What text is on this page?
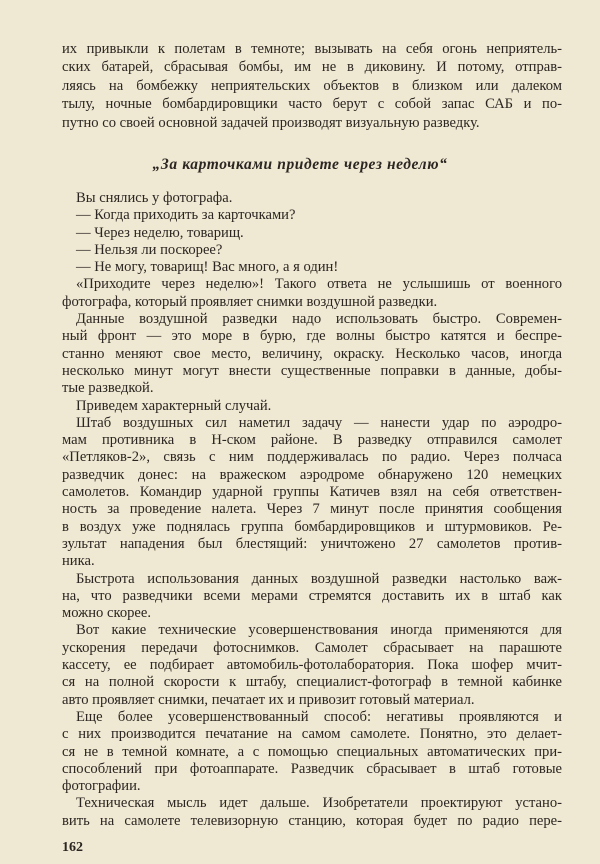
их привыкли к полетам в темноте; вызывать на себя огонь неприятель-
ских батарей, сбрасывая бомбы, им не в диковину. И потому, отправ-
ляясь на бомбежку неприятельских объектов в близком или далеком
тылу, ночные бомбардировщики часто берут с собой запас САБ и по-
путно со своей основной задачей производят визуальную разведку.
„За карточками придете через неделю“
Вы снялись у фотографа.
— Когда приходить за карточками?
— Через неделю, товарищ.
— Нельзя ли поскорее?
— Не могу, товарищ! Вас много, а я один!
«Приходите через неделю»! Такого ответа не услышишь от военного
фотографа, который проявляет снимки воздушной разведки.
Данные воздушной разведки надо использовать быстро. Современ-
ный фронт — это море в бурю, где волны быстро катятся и беспре-
станно меняют свое место, величину, окраску. Несколько часов, иногда
несколько минут могут внести существенные поправки в данные, добы-
тые разведкой.
Приведем характерный случай.
Штаб воздушных сил наметил задачу — нанести удар по аэродро-
мам противника в Н-ском районе. В разведку отправился самолет
«Петляков-2», связь с ним поддерживалась по радио. Через полчаса
разведчик донес: на вражеском аэродроме обнаружено 120 немецких
самолетов. Командир ударной группы Катичев взял на себя ответствен-
ность за проведение налета. Через 7 минут после принятия сообщения
в воздух уже поднялась группа бомбардировщиков и штурмовиков. Ре-
зультат нападения был блестящий: уничтожено 27 самолетов против-
ника.
Быстрота использования данных воздушной разведки настолько важ-
на, что разведчики всеми мерами стремятся доставить их в штаб как
можно скорее.
Вот какие технические усовершенствования иногда применяются для
ускорения передачи фотоснимков. Самолет сбрасывает на парашюте
кассету, ее подбирает автомобиль-фотолаборатория. Пока шофер мчит-
ся на полной скорости к штабу, специалист-фотограф в темной кабинке
авто проявляет снимки, печатает их и привозит готовый материал.
Еще более усовершенствованный способ: негативы проявляются и
с них производится печатание на самом самолете. Понятно, это делает-
ся не в темной комнате, а с помощью специальных автоматических при-
способлений при фотоаппарате. Разведчик сбрасывает в штаб готовые
фотографии.
Техническая мысль идет дальше. Изобретатели проектируют устано-
вить на самолете телевизорную станцию, которая будет по радио пере-
162
